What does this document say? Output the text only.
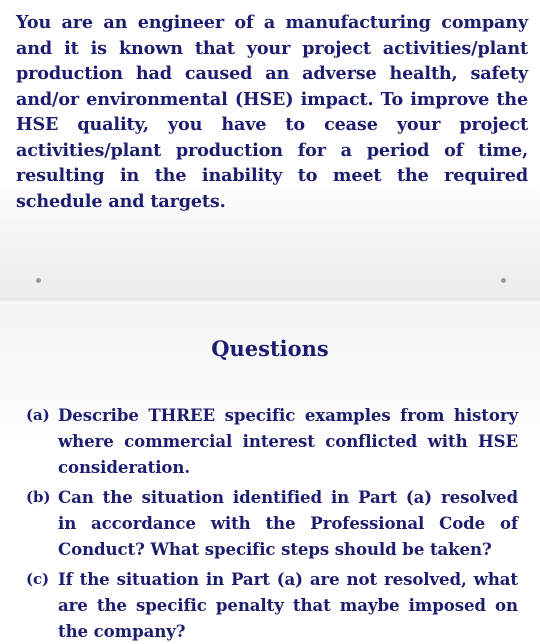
You are an engineer of a manufacturing company and it is known that your project activities/plant production had caused an adverse health, safety and/or environmental (HSE) impact. To improve the HSE quality, you have to cease your project activities/plant production for a period of time, resulting in the inability to meet the required schedule and targets.

Questions
(a) Describe THREE specific examples from history where commercial interest conflicted with HSE consideration.
(b) Can the situation identified in Part (a) resolved in accordance with the Professional Code of Conduct? What specific steps should be taken?
(c) If the situation in Part (a) are not resolved, what are the specific penalty that maybe imposed on the company?
